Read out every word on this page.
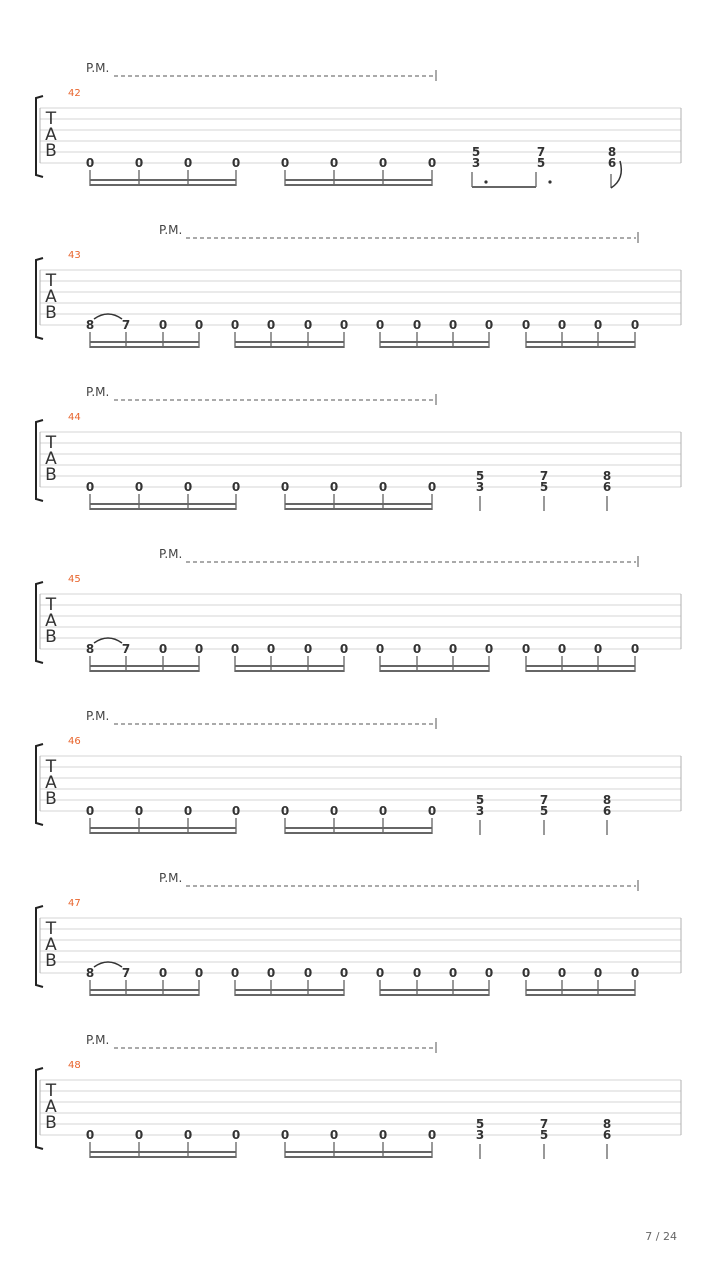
P.M.
42
T
A
B
0	0	0	0	0	0	0	0
5
3
7
5
8
6
P.M.
43
T
A
B
8 7 0 0 0 0 0 0 0 0 0 0 0 0 0 0
P.M.
44
T
A
B
0	0	0	0	0	0	0	0
5
3
7
5
8
6
P.M.
45
T
A
B
8 7 0 0 0 0 0 0 0 0 0 0 0 0 0 0
P.M.
46
T
A
B
0	0	0	0	0	0	0	0
5
3
7
5
8
6
P.M.
47
T
A
B
8 7 0 0 0 0 0 0 0 0 0 0 0 0 0 0
P.M.
48
T
A
B
0	0	0	0	0	0	0	0
5
3
7
5
8
6
7 / 24
